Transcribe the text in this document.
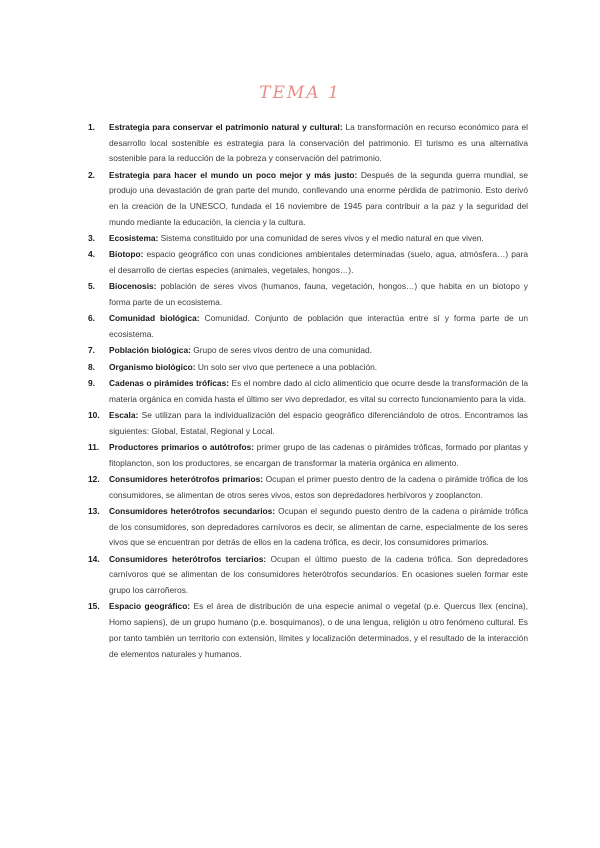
TEMA 1
1. Estrategia para conservar el patrimonio natural y cultural: La transformación en recurso económico para el desarrollo local sostenible es estrategia para la conservación del patrimonio. El turismo es una alternativa sostenible para la reducción de la pobreza y conservación del patrimonio.
2. Estrategia para hacer el mundo un poco mejor y más justo: Después de la segunda guerra mundial, se produjo una devastación de gran parte del mundo, conllevando una enorme pérdida de patrimonio. Esto derivó en la creación de la UNESCO, fundada el 16 noviembre de 1945 para contribuir a la paz y la seguridad del mundo mediante la educación, la ciencia y la cultura.
3. Ecosistema: Sistema constituido por una comunidad de seres vivos y el medio natural en que viven.
4. Biotopo: espacio geográfico con unas condiciones ambientales determinadas (suelo, agua, atmósfera…) para el desarrollo de ciertas especies (animales, vegetales, hongos…).
5. Biocenosis: población de seres vivos (humanos, fauna, vegetación, hongos…) que habita en un biotopo y forma parte de un ecosistema.
6. Comunidad biológica: Comunidad. Conjunto de población que interactúa entre sí y forma parte de un ecosistema.
7. Población biológica: Grupo de seres vivos dentro de una comunidad.
8. Organismo biológico: Un solo ser vivo que pertenece a una población.
9. Cadenas o pirámides tróficas: Es el nombre dado al ciclo alimenticio que ocurre desde la transformación de la materia orgánica en comida hasta el último ser vivo depredador, es vital su correcto funcionamiento para la vida.
10. Escala: Se utilizan para la individualización del espacio geográfico diferenciándolo de otros. Encontramos las siguientes: Global, Estatal, Regional y Local.
11. Productores primarios o autótrofos: primer grupo de las cadenas o pirámides tróficas, formado por plantas y fitoplancton, son los productores, se encargan de transformar la materia orgánica en alimento.
12. Consumidores heterótrofos primarios: Ocupan el primer puesto dentro de la cadena o pirámide trófica de los consumidores, se alimentan de otros seres vivos, estos son depredadores herbívoros y zooplancton.
13. Consumidores heterótrofos secundarios: Ocupan el segundo puesto dentro de la cadena o pirámide trófica de los consumidores, son depredadores carnívoros es decir, se alimentan de carne, especialmente de los seres vivos que se encuentran por detrás de ellos en la cadena trófica, es decir, los consumidores primarios.
14. Consumidores heterótrofos terciarios: Ocupan el último puesto de la cadena trófica. Son depredadores carnívoros que se alimentan de los consumidores heterótrofos secundarios. En ocasiones suelen formar este grupo los carroñeros.
15. Espacio geográfico: Es el área de distribución de una especie animal o vegetal (p.e. Quercus Ilex (encina), Homo sapiens), de un grupo humano (p.e. bosquimanos), o de una lengua, religión u otro fenómeno cultural. Es por tanto también un territorio con extensión, límites y localización determinados, y el resultado de la interacción de elementos naturales y humanos.
